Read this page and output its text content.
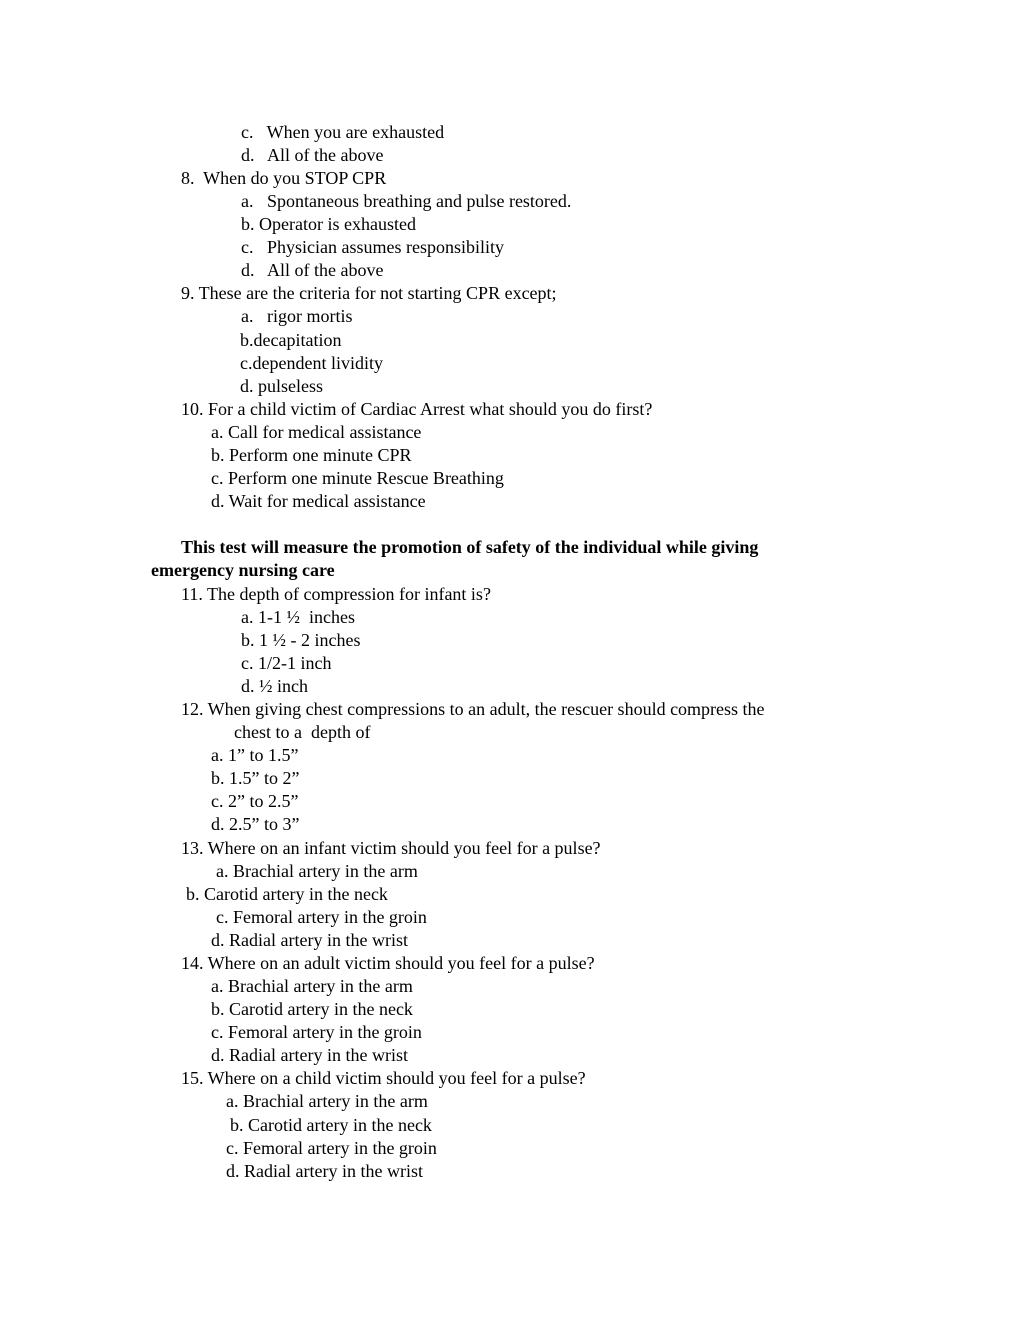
c.   When you are exhausted
d.   All of the above
8.  When do you STOP CPR
a.   Spontaneous breathing and pulse restored.
b. Operator is exhausted
c.   Physician assumes responsibility
d.   All of the above
9. These are the criteria for not starting CPR except;
a.   rigor mortis
b.decapitation
c.dependent lividity
d. pulseless
10. For a child victim of Cardiac Arrest what should you do first?
a. Call for medical assistance
b. Perform one minute CPR
c. Perform one minute Rescue Breathing
d. Wait for medical assistance
This test will measure the promotion of safety of the individual while giving
emergency nursing care
11. The depth of compression for infant is?
a. 1-1 ½  inches
b. 1 ½ - 2 inches
c. 1/2-1 inch
d. ½ inch
12. When giving chest compressions to an adult, the rescuer should compress the
chest to a  depth of
a. 1” to 1.5”
b. 1.5” to 2”
c. 2” to 2.5”
d. 2.5” to 3”
13. Where on an infant victim should you feel for a pulse?
a. Brachial artery in the arm
b. Carotid artery in the neck
c. Femoral artery in the groin
d. Radial artery in the wrist
14. Where on an adult victim should you feel for a pulse?
a. Brachial artery in the arm
b. Carotid artery in the neck
c. Femoral artery in the groin
d. Radial artery in the wrist
15. Where on a child victim should you feel for a pulse?
a. Brachial artery in the arm
b. Carotid artery in the neck
c. Femoral artery in the groin
d. Radial artery in the wrist
